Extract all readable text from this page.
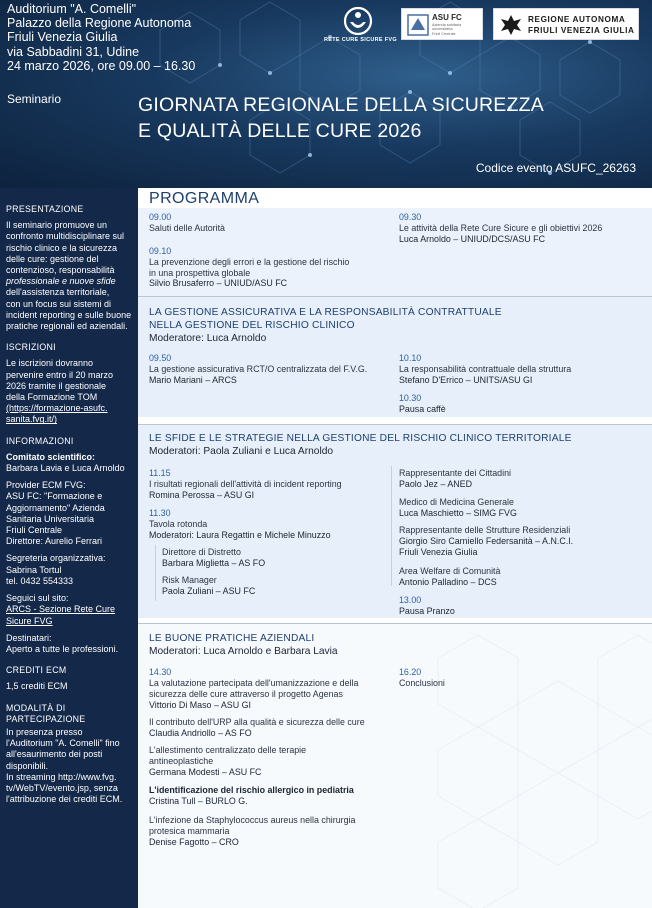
Auditorium "A. Comelli"
Palazzo della Regione Autonoma
Friuli Venezia Giulia
via Sabbadini 31, Udine
24 marzo 2026, ore 09.00 – 16.30
RETE CURE SICURE FVG
ASU FC
Azienda sanitaria
universitaria
Friuli Centrale
REGIONE AUTONOMA
FRIULI VENEZIA GIULIA
Seminario	GIORNATA REGIONALE DELLA SICUREZZA
E QUALITÀ DELLE CURE 2026
Codice evento ASUFC_26263
PRESENTAZIONE

Il seminario promuove un

confronto multidisciplinare sul

rischio clinico e la sicurezza

delle cure: gestione del

contenzioso, responsabilità

professionale e nuove sfide

dell'assistenza territoriale,

con un focus sui sistemi di

incident reporting e sulle buone

pratiche regionali ed aziendali.

ISCRIZIONI

Le iscrizioni dovranno

pervenire entro il 20 marzo

2026 tramite il gestionale

della Formazione TOM

(https://formazione-asufc.

sanita.fvg.it/)

INFORMAZIONI

Comitato scientifico:

Barbara Lavia e Luca Arnoldo

Provider ECM FVG:

ASU FC: "Formazione e

Aggiornamento" Azienda

Sanitaria Universitaria

Friuli Centrale

Direttore: Aurelio Ferrari

Segreteria organizzativa:

Sabrina Tortul

tel. 0432 554333

Seguici sul sito:

ARCS - Sezione Rete Cure

Sicure FVG

Destinatari:

Aperto a tutte le professioni.

CREDITI ECM

1,5 crediti ECM

MODALITÀ DI
PARTECIPAZIONE

In presenza presso

l'Auditorium "A. Comelli" fino

all'esaurimento dei posti

disponibili.

In streaming http://www.fvg.

tv/WebTV/evento.jsp, senza

l'attribuzione dei crediti ECM.

PROGRAMMA
09.00
Saluti delle Autorità
09.10
La prevenzione degli errori e la gestione del rischio
in una prospettiva globale
Silvio Brusaferro – UNIUD/ASU FC
09.30
Le attività della Rete Cure Sicure e gli obiettivi 2026
Luca Arnoldo – UNIUD/DCS/ASU FC
LA GESTIONE ASSICURATIVA E LA RESPONSABILITÀ CONTRATTUALE
NELLA GESTIONE DEL RISCHIO CLINICO
Moderatore: Luca Arnoldo
09.50
La gestione assicurativa RCT/O centralizzata del F.V.G.
Mario Mariani – ARCS
10.10
La responsabilità contrattuale della struttura
Stefano D'Errico – UNITS/ASU GI
10.30
Pausa caffè
LE SFIDE E LE STRATEGIE NELLA GESTIONE DEL RISCHIO CLINICO TERRITORIALE
Moderatori: Paola Zuliani e Luca Arnoldo
11.15
I risultati regionali dell'attività di incident reporting
Romina Perossa – ASU GI
11.30
Tavola rotonda
Moderatori: Laura Regattin e Michele Minuzzo
Direttore di Distretto
Barbara Miglietta – AS FO
Risk Manager
Paola Zuliani – ASU FC
Rappresentante dei Cittadini
Paolo Jez – ANED
Medico di Medicina Generale
Luca Maschietto – SIMG FVG
Rappresentante delle Strutture Residenziali
Giorgio Siro Carniello Federsanità – A.N.C.I.
Friuli Venezia Giulia
Area Welfare di Comunità
Antonio Palladino – DCS
13.00
Pausa Pranzo
LE BUONE PRATICHE AZIENDALI
Moderatori: Luca Arnoldo e Barbara Lavia
14.30
La valutazione partecipata dell'umanizzazione e della
sicurezza delle cure attraverso il progetto Agenas
Vittorio Di Maso – ASU GI
Il contributo dell'URP alla qualità e sicurezza delle cure
Claudia Andriollo – AS FO
L'allestimento centralizzato delle terapie
antineoplastiche
Germana Modesti – ASU FC
L'identificazione del rischio allergico in pediatria
Cristina Tull – BURLO G.
L'infezione da Staphylococcus aureus nella chirurgia
protesica mammaria
Denise Fagotto – CRO
16.20
Conclusioni
